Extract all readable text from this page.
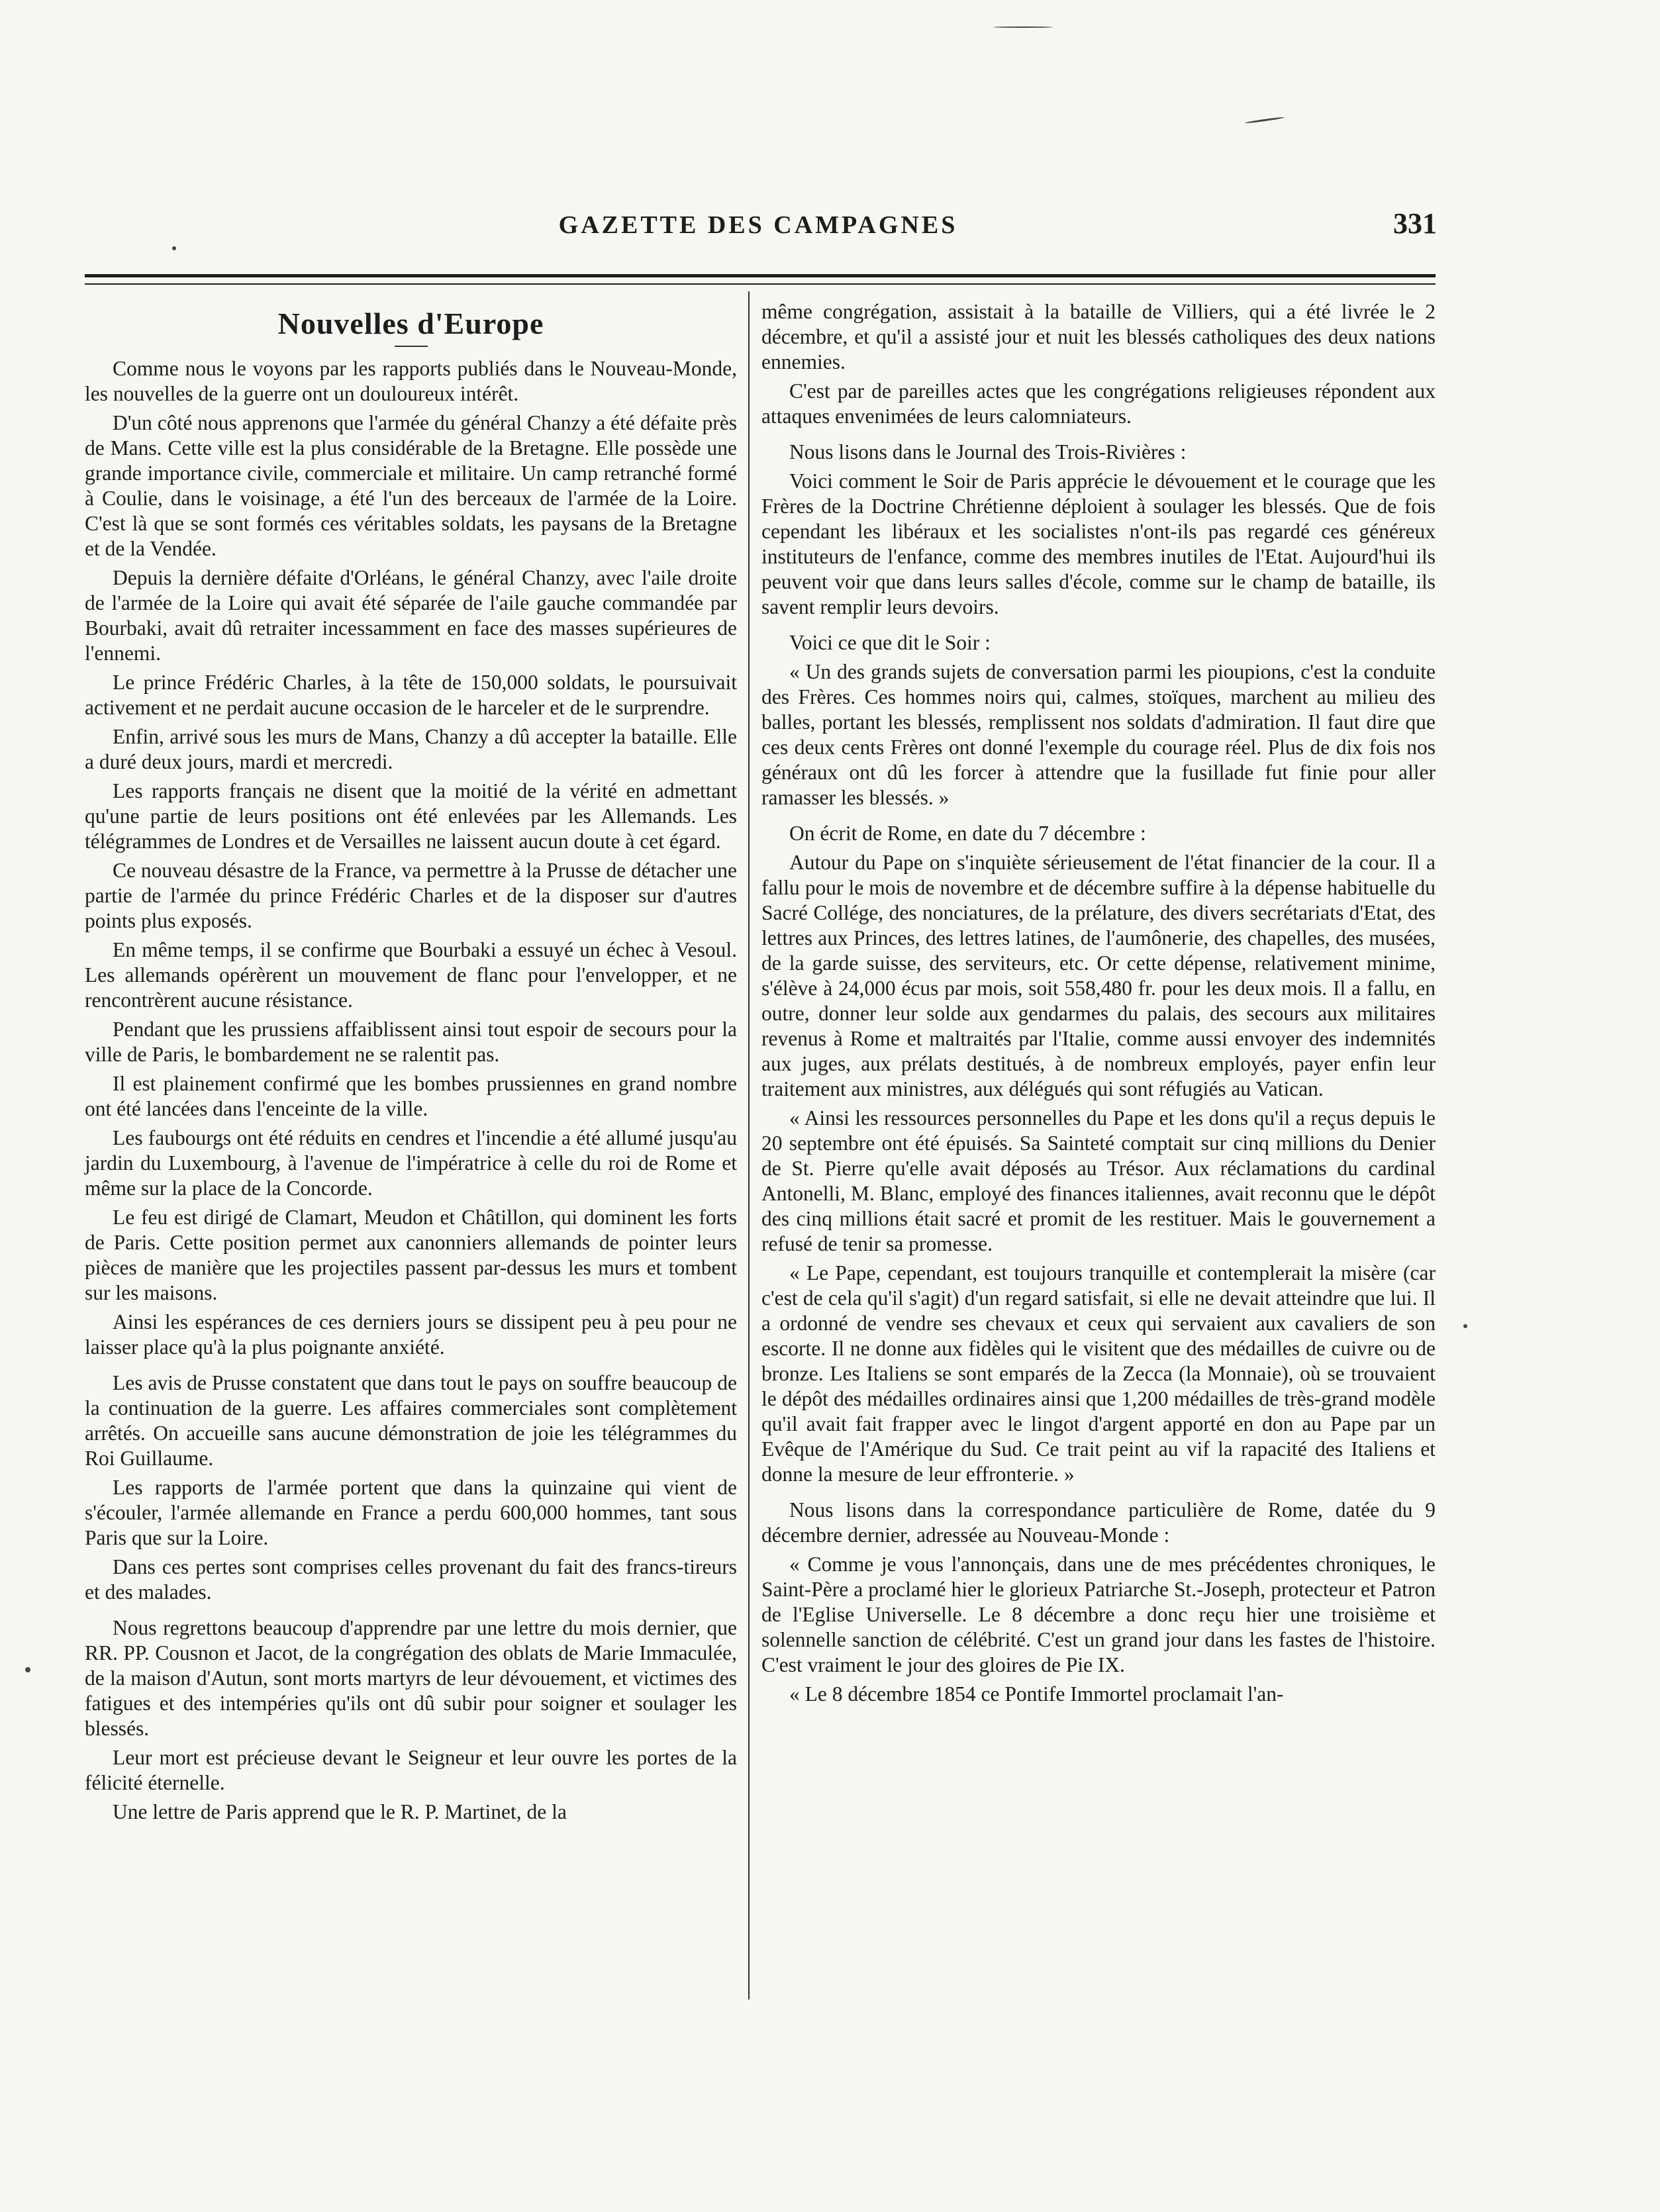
GAZETTE DES CAMPAGNES	331
Nouvelles d'Europe

Comme nous le voyons par les rapports publiés dans le Nouveau-Monde, les nouvelles de la guerre ont un douloureux intérêt.

D'un côté nous apprenons que l'armée du général Chanzy a été défaite près de Mans. Cette ville est la plus considérable de la Bretagne. Elle possède une grande importance civile, commerciale et militaire. Un camp retranché formé à Coulie, dans le voisinage, a été l'un des berceaux de l'armée de la Loire. C'est là que se sont formés ces véritables soldats, les paysans de la Bretagne et de la Vendée.

Depuis la dernière défaite d'Orléans, le général Chanzy, avec l'aile droite de l'armée de la Loire qui avait été séparée de l'aile gauche commandée par Bourbaki, avait dû retraiter incessamment en face des masses supérieures de l'ennemi.

Le prince Frédéric Charles, à la tête de 150,000 soldats, le poursuivait activement et ne perdait aucune occasion de le harceler et de le surprendre.

Enfin, arrivé sous les murs de Mans, Chanzy a dû accepter la bataille. Elle a duré deux jours, mardi et mercredi.

Les rapports français ne disent que la moitié de la vérité en admettant qu'une partie de leurs positions ont été enlevées par les Allemands. Les télégrammes de Londres et de Versailles ne laissent aucun doute à cet égard.

Ce nouveau désastre de la France, va permettre à la Prusse de détacher une partie de l'armée du prince Frédéric Charles et de la disposer sur d'autres points plus exposés.

En même temps, il se confirme que Bourbaki a essuyé un échec à Vesoul. Les allemands opérèrent un mouvement de flanc pour l'envelopper, et ne rencontrèrent aucune résistance.

Pendant que les prussiens affaiblissent ainsi tout espoir de secours pour la ville de Paris, le bombardement ne se ralentit pas.

Il est plainement confirmé que les bombes prussiennes en grand nombre ont été lancées dans l'enceinte de la ville.

Les faubourgs ont été réduits en cendres et l'incendie a été allumé jusqu'au jardin du Luxembourg, à l'avenue de l'impératrice à celle du roi de Rome et même sur la place de la Concorde.

Le feu est dirigé de Clamart, Meudon et Châtillon, qui dominent les forts de Paris. Cette position permet aux canonniers allemands de pointer leurs pièces de manière que les projectiles passent par-dessus les murs et tombent sur les maisons.

Ainsi les espérances de ces derniers jours se dissipent peu à peu pour ne laisser place qu'à la plus poignante anxiété.

Les avis de Prusse constatent que dans tout le pays on souffre beaucoup de la continuation de la guerre. Les affaires commerciales sont complètement arrêtés. On accueille sans aucune démonstration de joie les télégrammes du Roi Guillaume.

Les rapports de l'armée portent que dans la quinzaine qui vient de s'écouler, l'armée allemande en France a perdu 600,000 hommes, tant sous Paris que sur la Loire.

Dans ces pertes sont comprises celles provenant du fait des francs-tireurs et des malades.

Nous regrettons beaucoup d'apprendre par une lettre du mois dernier, que RR. PP. Cousnon et Jacot, de la congrégation des oblats de Marie Immaculée, de la maison d'Autun, sont morts martyrs de leur dévouement, et victimes des fatigues et des intempéries qu'ils ont dû subir pour soigner et soulager les blessés.

Leur mort est précieuse devant le Seigneur et leur ouvre les portes de la félicité éternelle.

Une lettre de Paris apprend que le R. P. Martinet, de la

même congrégation, assistait à la bataille de Villiers, qui a été livrée le 2 décembre, et qu'il a assisté jour et nuit les blessés catholiques des deux nations ennemies.

C'est par de pareilles actes que les congrégations religieuses répondent aux attaques envenimées de leurs calomniateurs.

Nous lisons dans le Journal des Trois-Rivières :

Voici comment le Soir de Paris apprécie le dévouement et le courage que les Frères de la Doctrine Chrétienne déploient à soulager les blessés. Que de fois cependant les libéraux et les socialistes n'ont-ils pas regardé ces généreux instituteurs de l'enfance, comme des membres inutiles de l'Etat. Aujourd'hui ils peuvent voir que dans leurs salles d'école, comme sur le champ de bataille, ils savent remplir leurs devoirs.

Voici ce que dit le Soir :

« Un des grands sujets de conversation parmi les pioupions, c'est la conduite des Frères. Ces hommes noirs qui, calmes, stoïques, marchent au milieu des balles, portant les blessés, remplissent nos soldats d'admiration. Il faut dire que ces deux cents Frères ont donné l'exemple du courage réel. Plus de dix fois nos généraux ont dû les forcer à attendre que la fusillade fut finie pour aller ramasser les blessés. »

On écrit de Rome, en date du 7 décembre :

Autour du Pape on s'inquiète sérieusement de l'état financier de la cour. Il a fallu pour le mois de novembre et de décembre suffire à la dépense habituelle du Sacré Collége, des nonciatures, de la prélature, des divers secrétariats d'Etat, des lettres aux Princes, des lettres latines, de l'aumônerie, des chapelles, des musées, de la garde suisse, des serviteurs, etc. Or cette dépense, relativement minime, s'élève à 24,000 écus par mois, soit 558,480 fr. pour les deux mois. Il a fallu, en outre, donner leur solde aux gendarmes du palais, des secours aux militaires revenus à Rome et maltraités par l'Italie, comme aussi envoyer des indemnités aux juges, aux prélats destitués, à de nombreux employés, payer enfin leur traitement aux ministres, aux délégués qui sont réfugiés au Vatican.

« Ainsi les ressources personnelles du Pape et les dons qu'il a reçus depuis le 20 septembre ont été épuisés. Sa Sainteté comptait sur cinq millions du Denier de St. Pierre qu'elle avait déposés au Trésor. Aux réclamations du cardinal Antonelli, M. Blanc, employé des finances italiennes, avait reconnu que le dépôt des cinq millions était sacré et promit de les restituer. Mais le gouvernement a refusé de tenir sa promesse.

« Le Pape, cependant, est toujours tranquille et contemplerait la misère (car c'est de cela qu'il s'agit) d'un regard satisfait, si elle ne devait atteindre que lui. Il a ordonné de vendre ses chevaux et ceux qui servaient aux cavaliers de son escorte. Il ne donne aux fidèles qui le visitent que des médailles de cuivre ou de bronze. Les Italiens se sont emparés de la Zecca (la Monnaie), où se trouvaient le dépôt des médailles ordinaires ainsi que 1,200 médailles de très-grand modèle qu'il avait fait frapper avec le lingot d'argent apporté en don au Pape par un Evêque de l'Amérique du Sud. Ce trait peint au vif la rapacité des Italiens et donne la mesure de leur effronterie. »

Nous lisons dans la correspondance particulière de Rome, datée du 9 décembre dernier, adressée au Nouveau-Monde :

« Comme je vous l'annonçais, dans une de mes précédentes chroniques, le Saint-Père a proclamé hier le glorieux Patriarche St.-Joseph, protecteur et Patron de l'Eglise Universelle. Le 8 décembre a donc reçu hier une troisième et solennelle sanction de célébrité. C'est un grand jour dans les fastes de l'histoire. C'est vraiment le jour des gloires de Pie IX.

« Le 8 décembre 1854 ce Pontife Immortel proclamait l'an-
